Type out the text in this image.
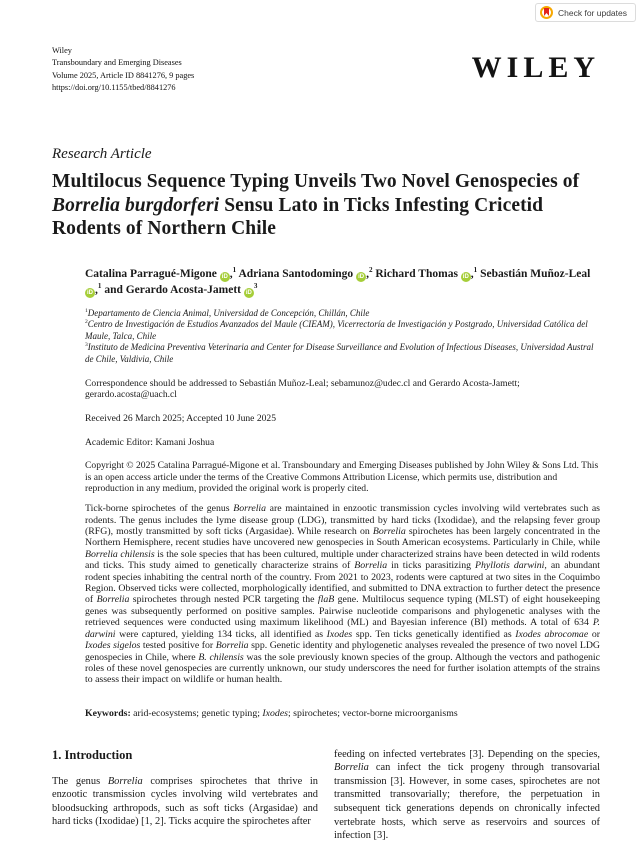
Check for updates
Wiley
Transboundary and Emerging Diseases
Volume 2025, Article ID 8841276, 9 pages
https://doi.org/10.1155/tbed/8841276
WILEY
Research Article
Multilocus Sequence Typing Unveils Two Novel Genospecies of Borrelia burgdorferi Sensu Lato in Ticks Infesting Cricetid Rodents of Northern Chile

Catalina Parragué-Migone iD ,$^1$ Adriana Santodomingo iD ,$^2$ Richard Thomas iD ,$^1$ Sebastián Muñoz-Leal iD ,$^1$ and Gerardo Acosta-Jamett $iD^3$

$^1$Departamento de Ciencia Animal, Universidad de Concepción, Chillán, Chile

$^2$Centro de Investigación de Estudios Avanzados del Maule (CIEAM), Vicerrectoría de Investigación y Postgrado, Universidad Católica del Maule, Talca, Chile

$^3$Instituto de Medicina Preventiva Veterinaria and Center for Disease Surveillance and Evolution of Infectious Diseases, Universidad Austral de Chile, Valdivia, Chile

Correspondence should be addressed to Sebastián Muñoz-Leal; sebamunoz@udec.cl and Gerardo Acosta-Jamett; gerardo.acosta@uach.cl

Received 26 March 2025; Accepted 10 June 2025

Academic Editor: Kamani Joshua

Copyright © 2025 Catalina Parragué-Migone et al. Transboundary and Emerging Diseases published by John Wiley & Sons Ltd. This is an open access article under the terms of the Creative Commons Attribution License, which permits use, distribution and reproduction in any medium, provided the original work is properly cited.

Tick-borne spirochetes of the genus Borrelia are maintained in enzootic transmission cycles involving wild vertebrates such as rodents. The genus includes the lyme disease group (LDG), transmitted by hard ticks (Ixodidae), and the relapsing fever group (RFG), mostly transmitted by soft ticks (Argasidae). While research on Borrelia spirochetes has been largely concentrated in the Northern Hemisphere, recent studies have uncovered new genospecies in South American ecosystems. Particularly in Chile, while Borrelia chilensis is the sole species that has been cultured, multiple under characterized strains have been detected in wild rodents and ticks. This study aimed to genetically characterize strains of Borrelia in ticks parasitizing Phyllotis darwini, an abundant rodent species inhabiting the central north of the country. From 2021 to 2023, rodents were captured at two sites in the Coquimbo Region. Observed ticks were collected, morphologically identified, and submitted to DNA extraction to further detect the presence of Borrelia spirochetes through nested PCR targeting the flaB gene. Multilocus sequence typing (MLST) of eight housekeeping genes was subsequently performed on positive samples. Pairwise nucleotide comparisons and phylogenetic analyses with the retrieved sequences were conducted using maximum likelihood (ML) and Bayesian inference (BI) methods. A total of 634 P. darwini were captured, yielding 134 ticks, all identified as Ixodes spp. Ten ticks genetically identified as Ixodes abrocomae or Ixodes sigelos tested positive for Borrelia spp. Genetic identity and phylogenetic analyses revealed the presence of two novel LDG genospecies in Chile, where B. chilensis was the sole previously known species of the group. Although the vectors and pathogenic roles of these novel genospecies are currently unknown, our study underscores the need for further isolation attempts of the strains to assess their impact on wildlife or human health.

Keywords: arid-ecosystems; genetic typing; Ixodes; spirochetes; vector-borne microorganisms

1. Introduction

The genus Borrelia comprises spirochetes that thrive in enzootic transmission cycles involving wild vertebrates and bloodsucking arthropods, such as soft ticks (Argasidae) and hard ticks (Ixodidae) [1, 2]. Ticks acquire the spirochetes after

feeding on infected vertebrates [3]. Depending on the species, Borrelia can infect the tick progeny through transovarial transmission [3]. However, in some cases, spirochetes are not transmitted transovarially; therefore, the perpetuation in subsequent tick generations depends on chronically infected vertebrate hosts, which serve as reservoirs and sources of infection [3].
